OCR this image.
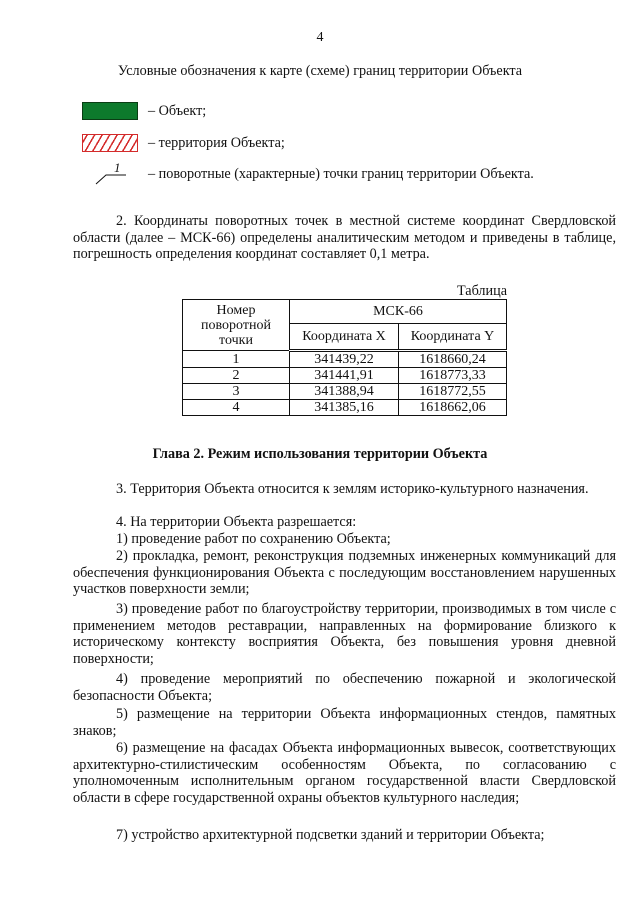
4
Условные обозначения к карте (схеме) границ территории Объекта
– Объект;
– территория Объекта;
1 – поворотные (характерные) точки границ территории Объекта.
2. Координаты поворотных точек в местной системе координат Свердловской области (далее – МСК-66) определены аналитическим методом и приведены в таблице, погрешность определения координат составляет 0,1 метра.
Таблица
Номер поворотной точки	МСК-66	
	Координата X	Координата Y
1	341439,22	1618660,24
2	341441,91	1618773,33
3	341388,94	1618772,55
4	341385,16	1618662,06
Глава 2. Режим использования территории Объекта
3. Территория Объекта относится к землям историко-культурного назначения.
4. На территории Объекта разрешается:
1) проведение работ по сохранению Объекта;
2) прокладка, ремонт, реконструкция подземных инженерных коммуникаций для обеспечения функционирования Объекта с последующим восстановлением нарушенных участков поверхности земли;
3) проведение работ по благоустройству территории, производимых в том числе с применением методов реставрации, направленных на формирование близкого к историческому контексту восприятия Объекта, без повышения уровня дневной поверхности;
4) проведение мероприятий по обеспечению пожарной и экологической безопасности Объекта;
5) размещение на территории Объекта информационных стендов, памятных знаков;
6) размещение на фасадах Объекта информационных вывесок, соответствующих архитектурно-стилистическим особенностям Объекта, по согласованию с уполномоченным исполнительным органом государственной власти Свердловской области в сфере государственной охраны объектов культурного наследия;
7) устройство архитектурной подсветки зданий и территории Объекта;
